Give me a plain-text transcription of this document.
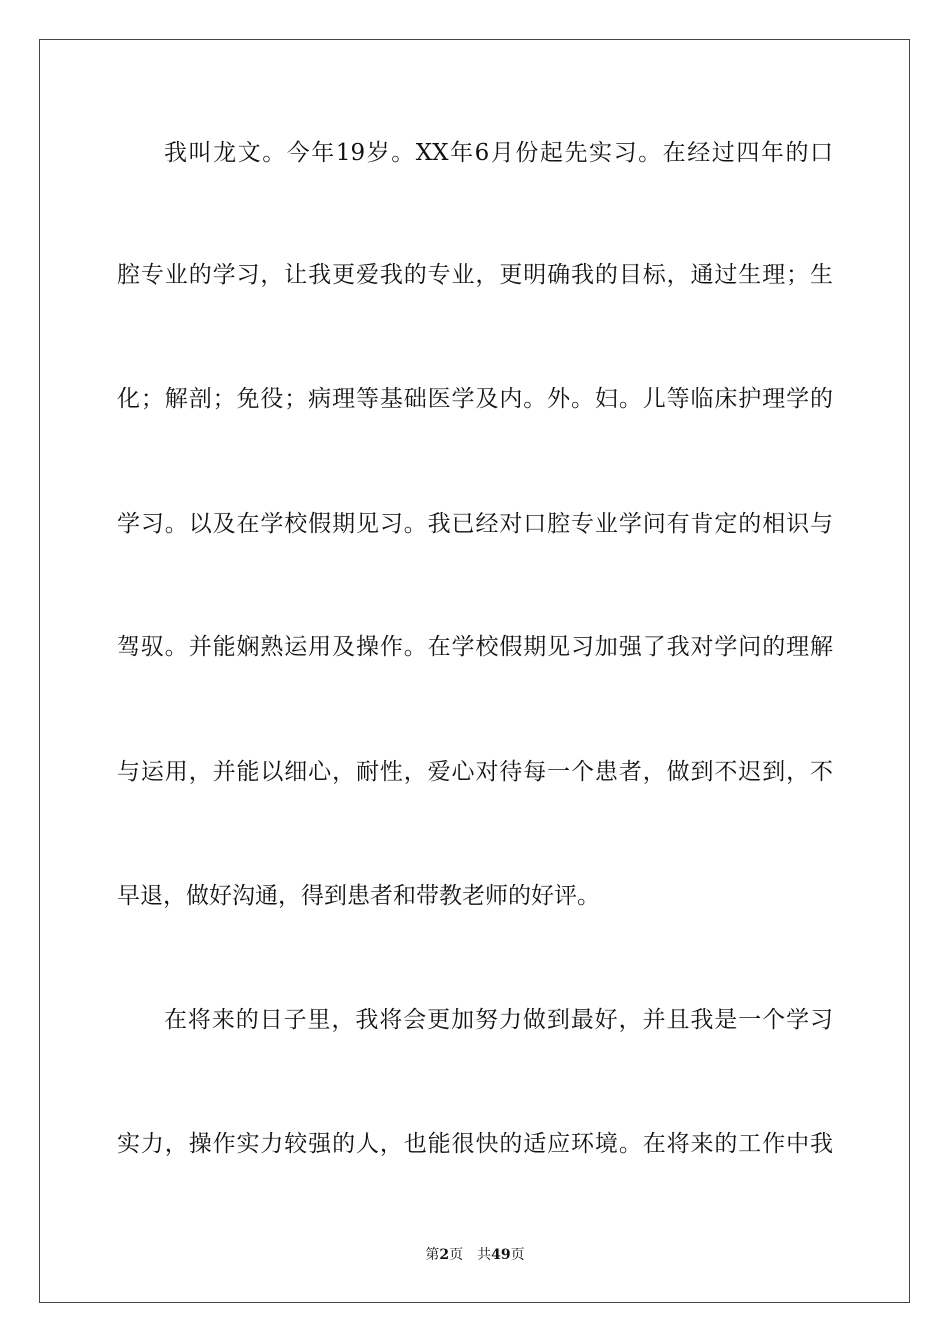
我叫龙文。今年19岁。XX年6月份起先实习。在经过四年的口
腔专业的学习，让我更爱我的专业，更明确我的目标，通过生理；生
化；解剖；免役；病理等基础医学及内。外。妇。儿等临床护理学的
学习。以及在学校假期见习。我已经对口腔专业学问有肯定的相识与
驾驭。并能娴熟运用及操作。在学校假期见习加强了我对学问的理解
与运用，并能以细心，耐性，爱心对待每一个患者，做到不迟到，不
早退，做好沟通，得到患者和带教老师的好评。
在将来的日子里，我将会更加努力做到最好，并且我是一个学习
实力，操作实力较强的人，也能很快的适应环境。在将来的工作中我
第2页 共49页
